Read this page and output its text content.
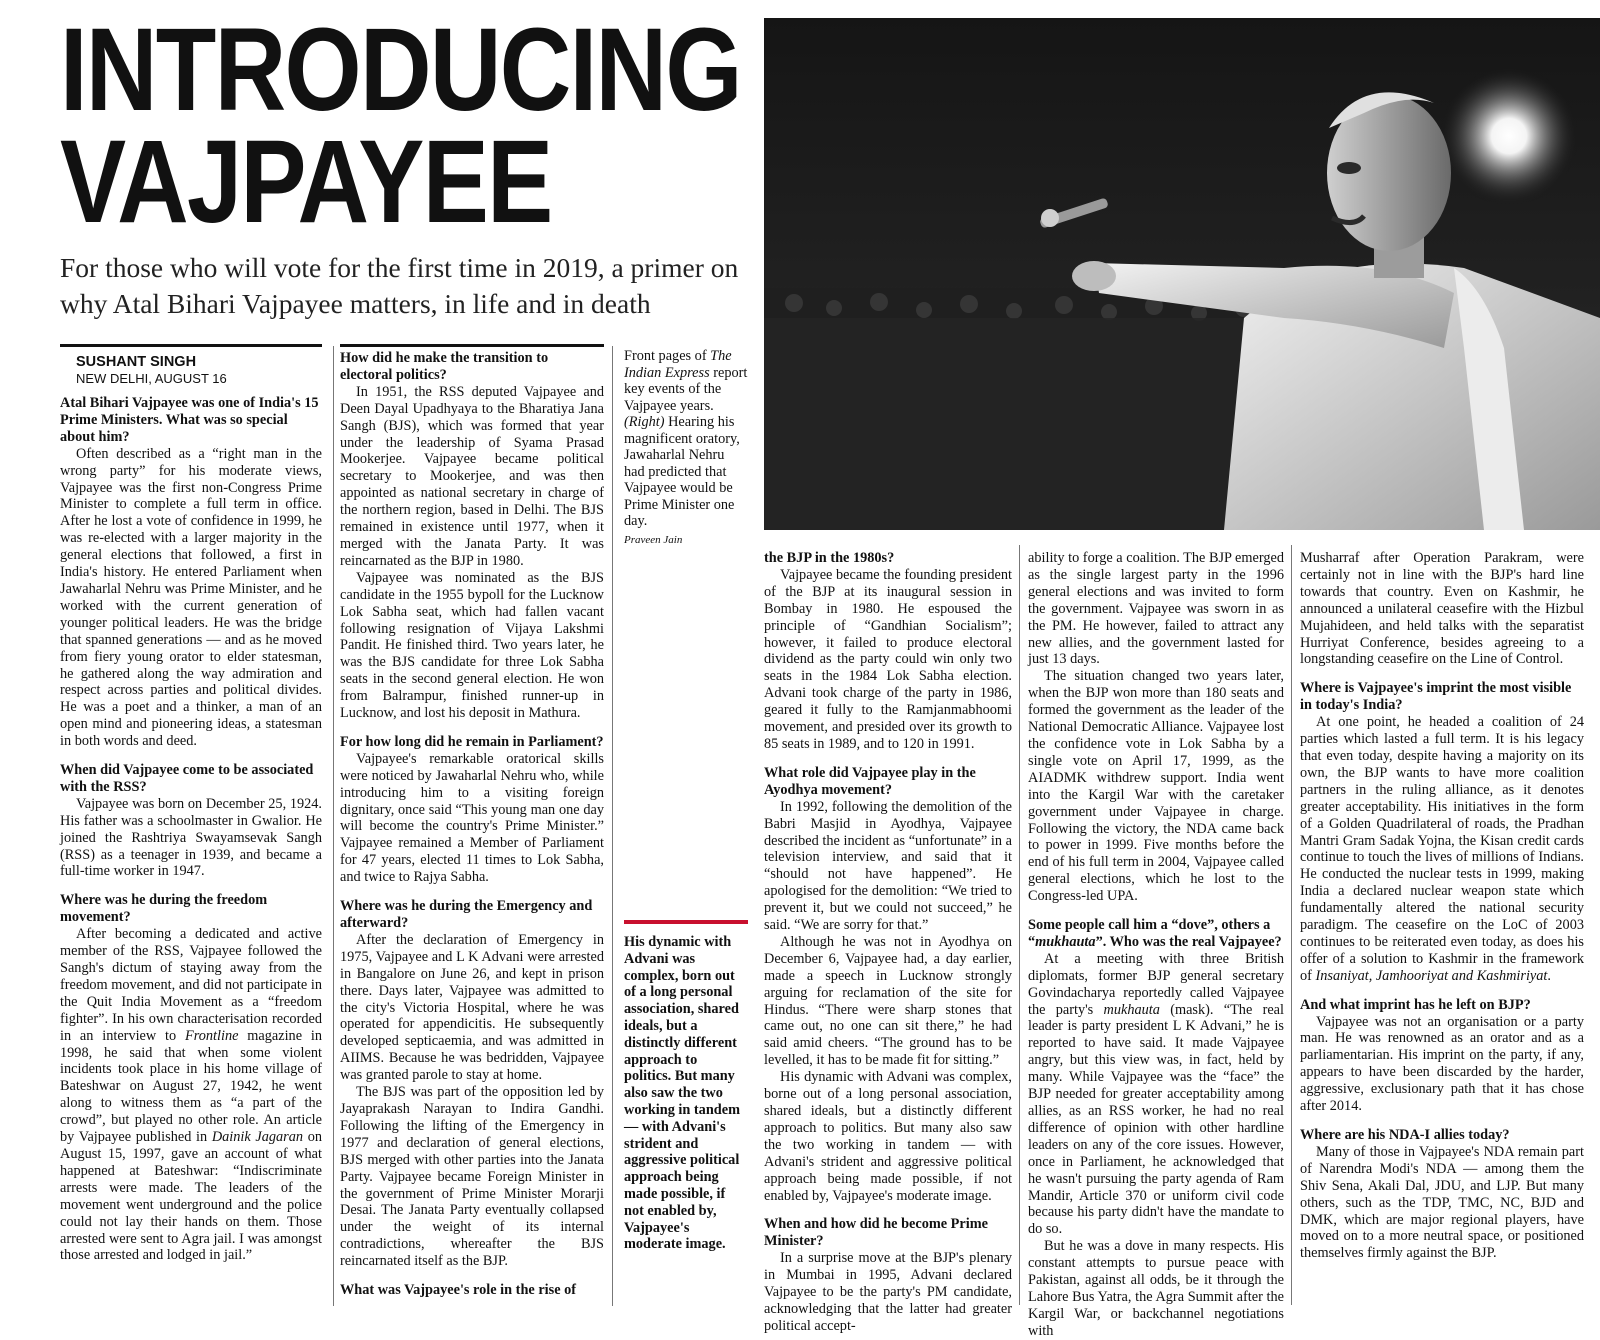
INTRODUCING
VAJPAYEE

For those who will vote for the first time in 2019, a primer on why Atal Bihari Vajpayee matters, in life and in death

SUSHANT SINGH

NEW DELHI, AUGUST 16

Atal Bihari Vajpayee was one of India's 15 Prime Ministers. What was so special about him?

Often described as a “right man in the wrong party” for his moderate views, Vajpayee was the first non-Congress Prime Minister to complete a full term in office. After he lost a vote of confidence in 1999, he was re-elected with a larger majority in the general elections that followed, a first in India's history. He entered Parliament when Jawaharlal Nehru was Prime Minister, and he worked with the current generation of younger political leaders. He was the bridge that spanned generations — and as he moved from fiery young orator to elder statesman, he gathered along the way admiration and respect across parties and political divides. He was a poet and a thinker, a man of an open mind and pioneering ideas, a statesman in both words and deed.

When did Vajpayee come to be associated with the RSS?

Vajpayee was born on December 25, 1924. His father was a schoolmaster in Gwalior. He joined the Rashtriya Swayamsevak Sangh (RSS) as a teenager in 1939, and became a full-time worker in 1947.

Where was he during the freedom movement?

After becoming a dedicated and active member of the RSS, Vajpayee followed the Sangh's dictum of staying away from the freedom movement, and did not participate in the Quit India Movement as a “freedom fighter”. In his own characterisation recorded in an interview to Frontline magazine in 1998, he said that when some violent incidents took place in his home village of Bateshwar on August 27, 1942, he went along to witness them as “a part of the crowd”, but played no other role. An article by Vajpayee published in Dainik Jagaran on August 15, 1997, gave an account of what happened at Bateshwar: “Indiscriminate arrests were made. The leaders of the movement went underground and the police could not lay their hands on them. Those arrested were sent to Agra jail. I was amongst those arrested and lodged in jail.”

How did he make the transition to electoral politics?

In 1951, the RSS deputed Vajpayee and Deen Dayal Upadhyaya to the Bharatiya Jana Sangh (BJS), which was formed that year under the leadership of Syama Prasad Mookerjee. Vajpayee became political secretary to Mookerjee, and was then appointed as national secretary in charge of the northern region, based in Delhi. The BJS remained in existence until 1977, when it merged with the Janata Party. It was reincarnated as the BJP in 1980.

Vajpayee was nominated as the BJS candidate in the 1955 bypoll for the Lucknow Lok Sabha seat, which had fallen vacant following resignation of Vijaya Lakshmi Pandit. He finished third. Two years later, he was the BJS candidate for three Lok Sabha seats in the second general election. He won from Balrampur, finished runner-up in Lucknow, and lost his deposit in Mathura.

For how long did he remain in Parliament?

Vajpayee's remarkable oratorical skills were noticed by Jawaharlal Nehru who, while introducing him to a visiting foreign dignitary, once said “This young man one day will become the country's Prime Minister.” Vajpayee remained a Member of Parliament for 47 years, elected 11 times to Lok Sabha, and twice to Rajya Sabha.

Where was he during the Emergency and afterward?

After the declaration of Emergency in 1975, Vajpayee and L K Advani were arrested in Bangalore on June 26, and kept in prison there. Days later, Vajpayee was admitted to the city's Victoria Hospital, where he was operated for appendicitis. He subsequently developed septicaemia, and was admitted in AIIMS. Because he was bedridden, Vajpayee was granted parole to stay at home.

The BJS was part of the opposition led by Jayaprakash Narayan to Indira Gandhi. Following the lifting of the Emergency in 1977 and declaration of general elections, BJS merged with other parties into the Janata Party. Vajpayee became Foreign Minister in the government of Prime Minister Morarji Desai. The Janata Party eventually collapsed under the weight of its internal contradictions, whereafter the BJS reincarnated itself as the BJP.

What was Vajpayee's role in the rise of
Front pages of The Indian Express report key events of the Vajpayee years. (Right) Hearing his magnificent oratory, Jawaharlal Nehru had predicted that Vajpayee would be Prime Minister one day.
Praveen Jain
His dynamic with Advani was complex, born out of a long personal association, shared ideals, but a distinctly different approach to politics. But many also saw the two working in tandem — with Advani's strident and aggressive political approach being made possible, if not enabled by, Vajpayee's moderate image.
the BJP in the 1980s?

Vajpayee became the founding president of the BJP at its inaugural session in Bombay in 1980. He espoused the principle of “Gandhian Socialism”; however, it failed to produce electoral dividend as the party could win only two seats in the 1984 Lok Sabha election. Advani took charge of the party in 1986, geared it fully to the Ramjanmabhoomi movement, and presided over its growth to 85 seats in 1989, and to 120 in 1991.

What role did Vajpayee play in the Ayodhya movement?

In 1992, following the demolition of the Babri Masjid in Ayodhya, Vajpayee described the incident as “unfortunate” in a television interview, and said that it “should not have happened”. He apologised for the demolition: “We tried to prevent it, but we could not succeed,” he said. “We are sorry for that.”

Although he was not in Ayodhya on December 6, Vajpayee had, a day earlier, made a speech in Lucknow strongly arguing for reclamation of the site for Hindus. “There were sharp stones that came out, no one can sit there,” he had said amid cheers. “The ground has to be levelled, it has to be made fit for sitting.”

His dynamic with Advani was complex, borne out of a long personal association, shared ideals, but a distinctly different approach to politics. But many also saw the two working in tandem — with Advani's strident and aggressive political approach being made possible, if not enabled by, Vajpayee's moderate image.

When and how did he become Prime Minister?

In a surprise move at the BJP's plenary in Mumbai in 1995, Advani declared Vajpayee to be the party's PM candidate, acknowledging that the latter had greater political accept-

ability to forge a coalition. The BJP emerged as the single largest party in the 1996 general elections and was invited to form the government. Vajpayee was sworn in as the PM. He however, failed to attract any new allies, and the government lasted for just 13 days.

The situation changed two years later, when the BJP won more than 180 seats and formed the government as the leader of the National Democratic Alliance. Vajpayee lost the confidence vote in Lok Sabha by a single vote on April 17, 1999, as the AIADMK withdrew support. India went into the Kargil War with the caretaker government under Vajpayee in charge. Following the victory, the NDA came back to power in 1999. Five months before the end of his full term in 2004, Vajpayee called general elections, which he lost to the Congress-led UPA.

Some people call him a “dove”, others a “mukhauta”. Who was the real Vajpayee?

At a meeting with three British diplomats, former BJP general secretary Govindacharya reportedly called Vajpayee the party's mukhauta (mask). “The real leader is party president L K Advani,” he is reported to have said. It made Vajpayee angry, but this view was, in fact, held by many. While Vajpayee was the “face” the BJP needed for greater acceptability among allies, as an RSS worker, he had no real difference of opinion with other hardline leaders on any of the core issues. However, once in Parliament, he acknowledged that he wasn't pursuing the party agenda of Ram Mandir, Article 370 or uniform civil code because his party didn't have the mandate to do so.

But he was a dove in many respects. His constant attempts to pursue peace with Pakistan, against all odds, be it through the Lahore Bus Yatra, the Agra Summit after the Kargil War, or backchannel negotiations with

Musharraf after Operation Parakram, were certainly not in line with the BJP's hard line towards that country. Even on Kashmir, he announced a unilateral ceasefire with the Hizbul Mujahideen, and held talks with the separatist Hurriyat Conference, besides agreeing to a longstanding ceasefire on the Line of Control.

Where is Vajpayee's imprint the most visible in today's India?

At one point, he headed a coalition of 24 parties which lasted a full term. It is his legacy that even today, despite having a majority on its own, the BJP wants to have more coalition partners in the ruling alliance, as it denotes greater acceptability. His initiatives in the form of a Golden Quadrilateral of roads, the Pradhan Mantri Gram Sadak Yojna, the Kisan credit cards continue to touch the lives of millions of Indians. He conducted the nuclear tests in 1999, making India a declared nuclear weapon state which fundamentally altered the national security paradigm. The ceasefire on the LoC of 2003 continues to be reiterated even today, as does his offer of a solution to Kashmir in the framework of Insaniyat, Jamhooriyat and Kashmiriyat.

And what imprint has he left on BJP?

Vajpayee was not an organisation or a party man. He was renowned as an orator and as a parliamentarian. His imprint on the party, if any, appears to have been discarded by the harder, aggressive, exclusionary path that it has chose after 2014.

Where are his NDA-I allies today?

Many of those in Vajpayee's NDA remain part of Narendra Modi's NDA — among them the Shiv Sena, Akali Dal, JDU, and LJP. But many others, such as the TDP, TMC, NC, BJD and DMK, which are major regional players, have moved on to a more neutral space, or positioned themselves firmly against the BJP.
